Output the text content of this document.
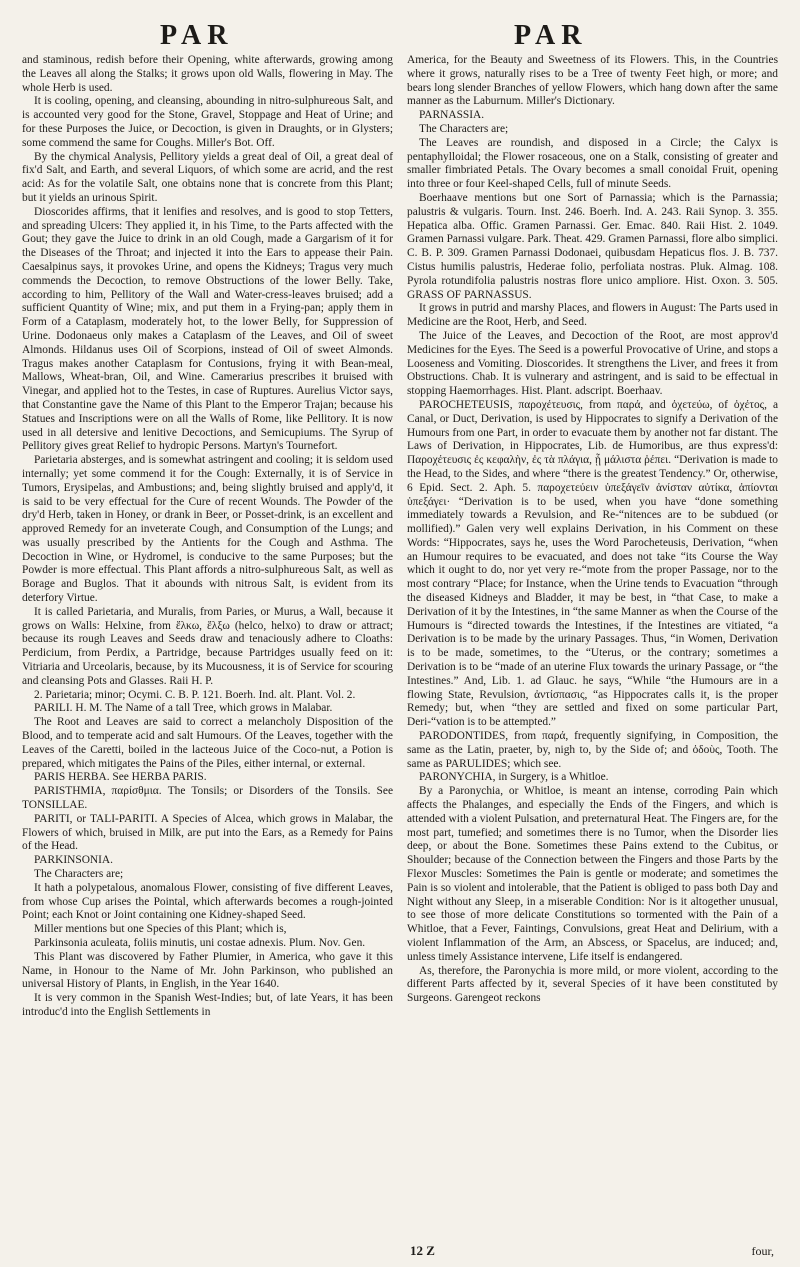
PAR	PAR

and staminous, redish before their Opening, white afterwards, growing among the Leaves all along the Stalks; it grows upon old Walls, flowering in May. The whole Herb is used.

It is cooling, opening, and cleansing, abounding in nitro-sulphureous Salt, and is accounted very good for the Stone, Gravel, Stoppage and Heat of Urine; and for these Purposes the Juice, or Decoction, is given in Draughts, or in Glysters; some commend the same for Coughs. Miller's Bot. Off.

By the chymical Analysis, Pellitory yields a great deal of Oil, a great deal of fix'd Salt, and Earth, and several Liquors, of which some are acrid, and the rest acid: As for the volatile Salt, one obtains none that is concrete from this Plant; but it yields an urinous Spirit.

Dioscorides affirms, that it lenifies and resolves, and is good to stop Tetters, and spreading Ulcers: They applied it, in his Time, to the Parts affected with the Gout; they gave the Juice to drink in an old Cough, made a Gargarism of it for the Diseases of the Throat; and injected it into the Ears to appease their Pain. Caesalpinus says, it provokes Urine, and opens the Kidneys; Tragus very much commends the Decoction, to remove Obstructions of the lower Belly. Take, according to him, Pellitory of the Wall and Water-cress-leaves bruised; add a sufficient Quantity of Wine; mix, and put them in a Frying-pan; apply them in Form of a Cataplasm, moderately hot, to the lower Belly, for Suppression of Urine. Dodonaeus only makes a Cataplasm of the Leaves, and Oil of sweet Almonds. Hildanus uses Oil of Scorpions, instead of Oil of sweet Almonds. Tragus makes another Cataplasm for Contusions, frying it with Bean-meal, Mallows, Wheat-bran, Oil, and Wine. Camerarius prescribes it bruised with Vinegar, and applied hot to the Testes, in case of Ruptures. Aurelius Victor says, that Constantine gave the Name of this Plant to the Emperor Trajan; because his Statues and Inscriptions were on all the Walls of Rome, like Pellitory. It is now used in all detersive and lenitive Decoctions, and Semicupiums. The Syrup of Pellitory gives great Relief to hydropic Persons. Martyn's Tournefort.

Parietaria absterges, and is somewhat astringent and cooling; it is seldom used internally; yet some commend it for the Cough: Externally, it is of Service in Tumors, Erysipelas, and Ambustions; and, being slightly bruised and apply'd, it is said to be very effectual for the Cure of recent Wounds. The Powder of the dry'd Herb, taken in Honey, or drank in Beer, or Posset-drink, is an excellent and approved Remedy for an inveterate Cough, and Consumption of the Lungs; and was usually prescribed by the Antients for the Cough and Asthma. The Decoction in Wine, or Hydromel, is conducive to the same Purposes; but the Powder is more effectual. This Plant affords a nitro-sulphureous Salt, as well as Borage and Buglos. That it abounds with nitrous Salt, is evident from its deterfory Virtue.

It is called Parietaria, and Muralis, from Paries, or Murus, a Wall, because it grows on Walls: Helxine, from ἕλκω, ἕλξω (helco, helxo) to draw or attract; because its rough Leaves and Seeds draw and tenaciously adhere to Cloaths: Perdicium, from Perdix, a Partridge, because Partridges usually feed on it: Vitriaria and Urceolaris, because, by its Mucousness, it is of Service for scouring and cleansing Pots and Glasses. Raii H. P.

2. Parietaria; minor; Ocymi. C. B. P. 121. Boerh. Ind. alt. Plant. Vol. 2.

PARILI. H. M. The Name of a tall Tree, which grows in Malabar.

The Root and Leaves are said to correct a melancholy Disposition of the Blood, and to temperate acid and salt Humours. Of the Leaves, together with the Leaves of the Caretti, boiled in the lacteous Juice of the Coco-nut, a Potion is prepared, which mitigates the Pains of the Piles, either internal, or external.

PARIS HERBA. See HERBA PARIS.

PARISTHMIA, παρίσθμια. The Tonsils; or Disorders of the Tonsils. See TONSILLAE.

PARITI, or TALI-PARITI. A Species of Alcea, which grows in Malabar, the Flowers of which, bruised in Milk, are put into the Ears, as a Remedy for Pains of the Head.

PARKINSONIA.

The Characters are;

It hath a polypetalous, anomalous Flower, consisting of five different Leaves, from whose Cup arises the Pointal, which afterwards becomes a rough-jointed Point; each Knot or Joint containing one Kidney-shaped Seed.

Miller mentions but one Species of this Plant; which is,

Parkinsonia aculeata, foliis minutis, uni costae adnexis. Plum. Nov. Gen.

This Plant was discovered by Father Plumier, in America, who gave it this Name, in Honour to the Name of Mr. John Parkinson, who published an universal History of Plants, in English, in the Year 1640.

It is very common in the Spanish West-Indies; but, of late Years, it has been introduc'd into the English Settlements in

America, for the Beauty and Sweetness of its Flowers. This, in the Countries where it grows, naturally rises to be a Tree of twenty Feet high, or more; and bears long slender Branches of yellow Flowers, which hang down after the same manner as the Laburnum. Miller's Dictionary.

PARNASSIA.

The Characters are;

The Leaves are roundish, and disposed in a Circle; the Calyx is pentaphylloidal; the Flower rosaceous, one on a Stalk, consisting of greater and smaller fimbriated Petals. The Ovary becomes a small conoidal Fruit, opening into three or four Keel-shaped Cells, full of minute Seeds.

Boerhaave mentions but one Sort of Parnassia; which is the Parnassia; palustris & vulgaris. Tourn. Inst. 246. Boerh. Ind. A. 243. Raii Synop. 3. 355. Hepatica alba. Offic. Gramen Parnassi. Ger. Emac. 840. Raii Hist. 2. 1049. Gramen Parnassi vulgare. Park. Theat. 429. Gramen Parnassi, flore albo simplici. C. B. P. 309. Gramen Parnassi Dodonaei, quibusdam Hepaticus flos. J. B. 737. Cistus humilis palustris, Hederae folio, perfoliata nostras. Pluk. Almag. 108. Pyrola rotundifolia palustris nostras flore unico ampliore. Hist. Oxon. 3. 505. GRASS OF PARNASSUS.

It grows in putrid and marshy Places, and flowers in August: The Parts used in Medicine are the Root, Herb, and Seed.

The Juice of the Leaves, and Decoction of the Root, are most approv'd Medicines for the Eyes. The Seed is a powerful Provocative of Urine, and stops a Looseness and Vomiting. Dioscorides. It strengthens the Liver, and frees it from Obstructions. Chab. It is vulnerary and astringent, and is said to be effectual in stopping Haemorrhages. Hist. Plant. adscript. Boerhaav.

PAROCHETEUSIS, παροχέτευσις, from παρά, and ὀχετεύω, of ὀχέτος, a Canal, or Duct, Derivation, is used by Hippocrates to signify a Derivation of the Humours from one Part, in order to evacuate them by another not far distant. The Laws of Derivation, in Hippocrates, Lib. de Humoribus, are thus express'd: Παροχέτευσις ἐς κεφαλὴν, ἐς τὰ πλάγια, ᾗ μάλιστα ῥέπει. “Derivation is made to the Head, to the Sides, and where “there is the greatest Tendency.” Or, otherwise, 6 Epid. Sect. 2. Aph. 5. παροχετεύειν ὑπεξάγεῖν ἀνίσταν αὐτίκα, ἀπίονται ὑπεξάγει· “Derivation is to be used, when you have “done something immediately towards a Revulsion, and Re-“nitences are to be subdued (or mollified).” Galen very well explains Derivation, in his Comment on these Words: “Hippocrates, says he, uses the Word Parocheteusis, Derivation, “when an Humour requires to be evacuated, and does not take “its Course the Way which it ought to do, nor yet very re-“mote from the proper Passage, nor to the most contrary “Place; for Instance, when the Urine tends to Evacuation “through the diseased Kidneys and Bladder, it may be best, in “that Case, to make a Derivation of it by the Intestines, in “the same Manner as when the Course of the Humours is “directed towards the Intestines, if the Intestines are vitiated, “a Derivation is to be made by the urinary Passages. Thus, “in Women, Derivation is to be made, sometimes, to the “Uterus, or the contrary; sometimes a Derivation is to be “made of an uterine Flux towards the urinary Passage, or “the Intestines.” And, Lib. 1. ad Glauc. he says, “While “the Humours are in a flowing State, Revulsion, ἀντίσπασις, “as Hippocrates calls it, is the proper Remedy; but, when “they are settled and fixed on some particular Part, Deri-“vation is to be attempted.”

PARODONTIDES, from παρά, frequently signifying, in Composition, the same as the Latin, praeter, by, nigh to, by the Side of; and ὀδοὺς, Tooth. The same as PARULIDES; which see.

PARONYCHIA, in Surgery, is a Whitloe.

By a Paronychia, or Whitloe, is meant an intense, corroding Pain which affects the Phalanges, and especially the Ends of the Fingers, and which is attended with a violent Pulsation, and preternatural Heat. The Fingers are, for the most part, tumefied; and sometimes there is no Tumor, when the Disorder lies deep, or about the Bone. Sometimes these Pains extend to the Cubitus, or Shoulder; because of the Connection between the Fingers and those Parts by the Flexor Muscles: Sometimes the Pain is gentle or moderate; and sometimes the Pain is so violent and intolerable, that the Patient is obliged to pass both Day and Night without any Sleep, in a miserable Condition: Nor is it altogether unusual, to see those of more delicate Constitutions so tormented with the Pain of a Whitloe, that a Fever, Faintings, Convulsions, great Heat and Delirium, with a violent Inflammation of the Arm, an Abscess, or Spacelus, are induced; and, unless timely Assistance intervene, Life itself is endangered.

As, therefore, the Paronychia is more mild, or more violent, according to the different Parts affected by it, several Species of it have been constituted by Surgeons. Garengeot reckons

12 Z	four,
